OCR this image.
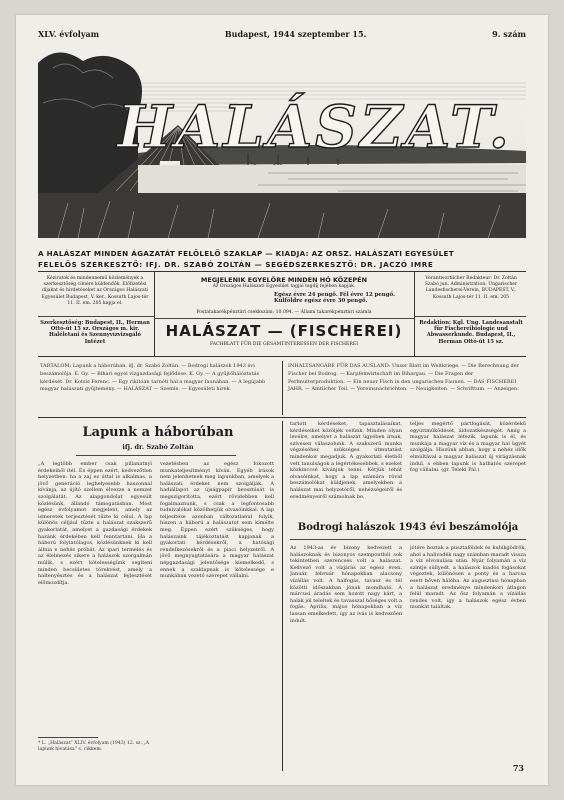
XLV. évfolyam	Budapest, 1944 szeptember 15.	9. szám
HALÁSZAT.
A HALÁSZAT MINDEN ÁGAZATÁT FELÖLELŐ SZAKLAP — KIADJA: AZ ORSZ. HALÁSZATI EGYESÜLET
FELELŐS SZERKESZTŐ: IFJ. DR. SZABÓ ZOLTÁN — SEGÉDSZERKESZTŐ: DR. JACZÓ IMRE
Kéziratok és mindennemű közlemények a szerkesztőség címére küldendők. Előfizetési díjakat és hirdetéseket az Országos Halászati Egyesület Budapest, V. ker., Kossuth Lajos-tér 11. II. em. 205 kapja el.
Szerkesztőség: Budapest, II., Herman Ottó-út 15 sz. Országos m. kir. Haléletani és Szennyvízvizsgáló Intézet
MEGJELENIK EGYELŐRE MINDEN HÓ KÖZEPÉN
Az Országos Halászati Egyesület tagjai tagdíj fejében kapják.
Egész évre 24 pengő. Fél évre 12 pengő. Külföldre egész évre 30 pengő.
Postatakarékpénztári csekkszám: 10.094. — Állami takarékpénztári számla
HALÁSZAT — (FISCHEREI)
FACHBLATT FÜR DIE GESAMTINTERESSEN DER FISCHEREI
Verantwortlicher Redakteur: Dr. Zoltán Szabó jun. Administration: Ungarischer Landesfischerei-Verein, BUDAPEST, V., Kossuth Lajos-tér 11. II. em. 205
Redaktion: Kgl. Ung. Landesanstalt für Fischereibiologie und Abwasserkunde. Budapest, II., Herman Ottó-út 15 sz.
TARTALOM: Lapunk a háborúban. ifj. dr. Szabó Zoltán. — Bodrogi halászok 1943 évi beszámolója. E. Gy. — Bihari egyel vizgazdasági fejlődése. K. Gy. — A gyűjtőhálóztatás kérdését. Dr. Kotsis Ferenc. — Egy rikítóan tarnóti hal a magyar faunában. — A legújabb magyar halászati gyűjtemény. — HALÁSZAT — Szemle. — Egyesületi hírek.
INHALTSANGABE FÜR DAS AUSLAND: Unser Blatt im Weltkriege. — Die Berechnung der Fischer bei Bodrog. — Karpfenwirtschaft im Bihargau. — Die Fragen der Perlmutterproduktion. — Ein neuer Fisch in den ungarischen Faunen. — DAS FISCHEREI JAHR. — Amtlicher Teil. — Vereinsnachrichten. — Neuigkeiten. — Schrifttum. — Anzeigen.
Lapunk a háborúban
ifj. dr. Szabó Zoltán
„A legtöbb ember csak pillanatnyi érdekeiből ítél. És éppen ezért, kedvezőtlen helyzetben: ha a zaj ez úttal is alkalmas, a jövő generáció leghelyesebb haszonnal kívánja, az újító szellem élvezze a nemzet szolgálatát. Az alapgondolat egyesült közlésünk, állandó támogatásban. Most egész évfolyamot megjelent, amely az ismeretek terjesztését tűzte ki célul. A lap különös céljául tűzte a halászat szakszerű gyakorlatát, amelyet a gazdasági érdekek hazánk érdekében kell fenntartani. Ha a háború folytatólagos, közlésünknek ki kell állnia e nehéz próbát. Az ipari termelés és az élelmezés sikere a halászok szorgalmán múlik, s ezért kötelességünk segíteni minden becsületes törekvést, amely a haltenyésztés és a halászat fejlesztését előmozdítja.
vezetésben az egész fokozott munkateljesítményt kíván. Egyéb írások nem jelenhetnek meg lapunkban, amelyek a halászati érdeket nem szolgálják. A hadiállapot az újságpapír beosztását is megszigorította, ezért rövidebben kell fogalmaznunk, s csak a legfontosabb tudnivalókat közölhetjük olvasóinkkal. A lap teljesítése azonban változatlanul folyik, hiszen a háború a halászatot sem kímélte meg. Éppen ezért szükséges, hogy halászaink tájékoztatást kapjanak a gyakorlati kérdésekről, a hatósági rendelkezésekről és a piaci helyzetről. A jövő megnyugtatására a magyar halászat népgazdasági jelentősége kiemelkedő, s ennek a szaklapnak is kötelessége e munkában vezető szerepet vállalni.
* L. „Halászat” XLIV. évfolyam (1943) 12. sz. „A lapunk hivatása” c. cikkem.
tartott kérdéseket, tapasztalásaikat, kérdéseiket közöljék velünk. Minden olyan levélre, amelyet a halászat ügyében írnak, szívesen válaszolunk. A szakszerű munka végzéséhez szükséges útmutatást mindenkor megadjuk. A gyakorlati életből vett tanulságok a legértékesebbek, s ezeket közkinccsé kívánjuk tenni. Kérjük tehát olvasóinkat, hogy a lap számára rövid beszámolókat küldjenek, amelyekben a halászat mai helyzetéről, nehézségeiről és eredményeiről számolnak be.
teljes megértő pártfogását, közérdekű együttműködését, áldozatkészségét. Amíg a magyar halászat létezik, lapunk is él, és munkája a magyar víz és a magyar hal ügyét szolgálja. Hiszünk abban, hogy a nehéz idők elmúltával a magyar halászat új virágzásnak indul, s ebben lapunk is hathatós szerepet fog vállalni. (gr. Teleki Pál.)
Bodrogi halászok 1943 évi beszámolója
Az 1943-as év bizony kedvezett a halászoknak és bizonyos szempontból sok tekintetben szerencsés volt a halászat. Kedvező volt a vízjárás az egész éven. Január, február hónapokban alacsony vízállás volt. A halfogás, tavasz és tél közötti időszakban jónak mondható. A márcusi áradás sem hozott nagy kárt, a halak jól teleltek és tavasszal bőséges volt a fogás. Április, május hónapokban a víz lassan emelkedett, így az ívás is kedvezően indult.
jótére hoztak a pusztaföldek és kubikgödrök, ahol a halivadék nagy számban maradt vissza a víz elvonulása után. Nyár folyamán a víz szintje süllyedt, a halászok kiadós fogásokat végeztek, különösen a ponty és a harcsa esett bőven hálóba. Az augusztusi hónapban a halászat eredménye mindenkori átlagon felül maradt. Az ősz folyamán a vízállás rendes volt, így a halászok egész évben munkát találtak.
73
